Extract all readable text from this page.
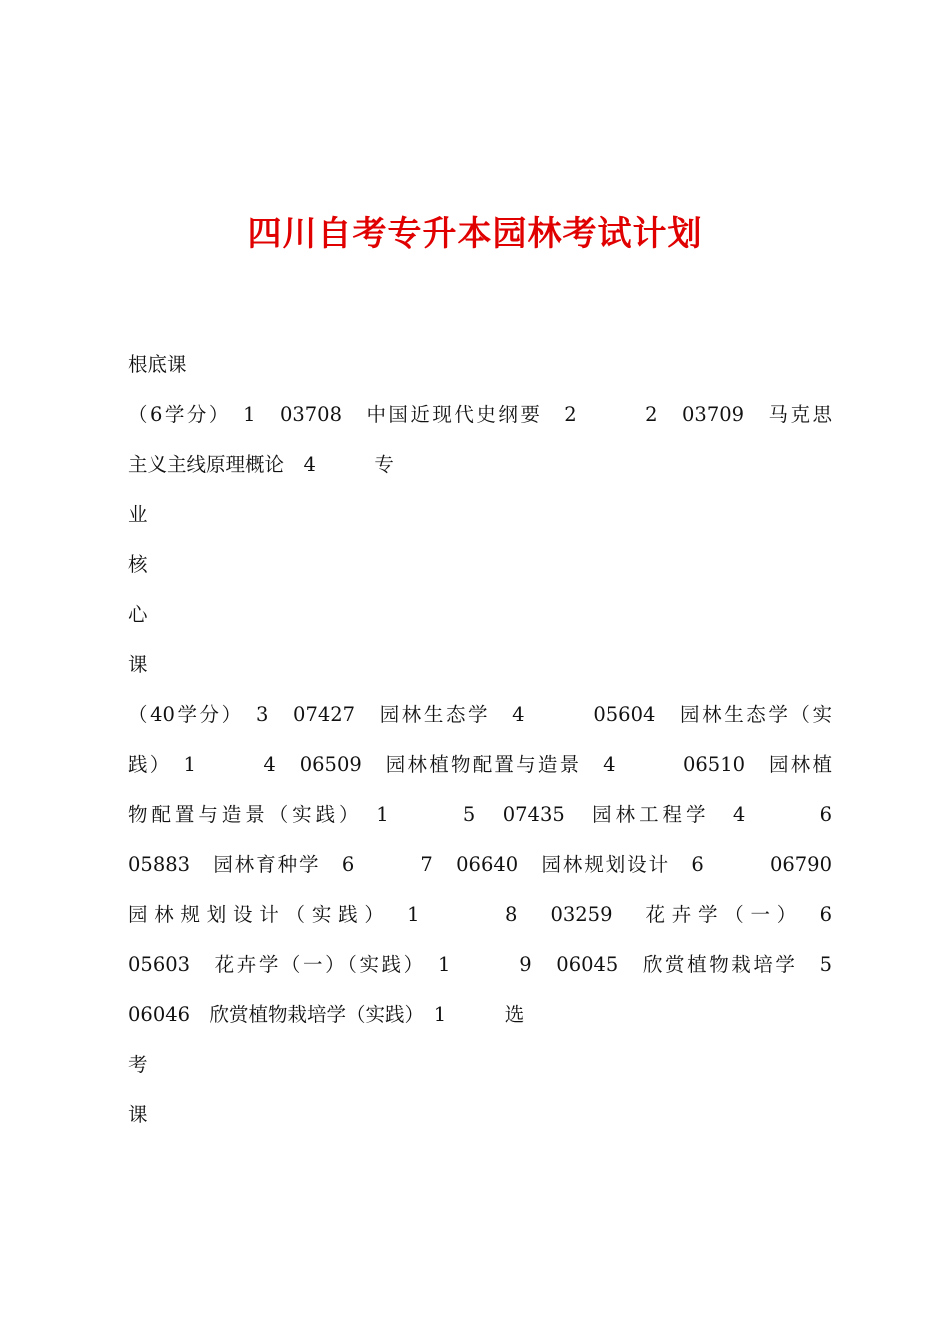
四川自考专升本园林考试计划
根底课
（6学分）　1　03708　中国近现代史纲要　2　　　2　03709　马克思
主义主线原理概论　4　　　专
业
核
心
课
（40学分）　3　07427　园林生态学　4　　　05604　园林生态学（实
践）　1　　　4　06509　园林植物配置与造景　4　　　06510　园林植
物配置与造景（实践）　1　　　5　07435　园林工程学　4　　　6
05883　园林育种学　6　　　7　06640　园林规划设计　6　　　06790
园林规划设计（实践）　1　　　8　03259　花卉学（一）　6
05603　花卉学（一）（实践）　1　　　9　06045　欣赏植物栽培学　5
06046　欣赏植物栽培学（实践）　1　　　选
考
课
